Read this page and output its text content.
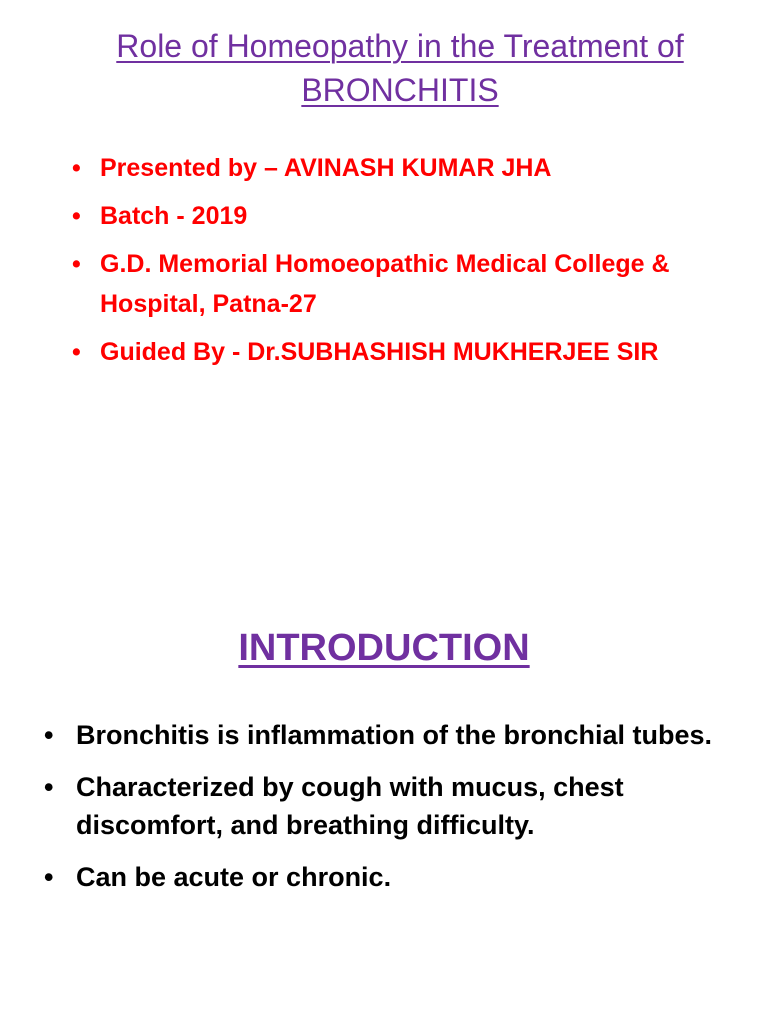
Role of Homeopathy in the Treatment of BRONCHITIS
• Presented by – AVINASH KUMAR JHA
• Batch - 2019
• G.D. Memorial Homoeopathic Medical College & Hospital, Patna-27
• Guided By - Dr.SUBHASHISH MUKHERJEE SIR
INTRODUCTION
• Bronchitis is inflammation of the bronchial tubes.
• Characterized by cough with mucus, chest discomfort, and breathing difficulty.
• Can be acute or chronic.
